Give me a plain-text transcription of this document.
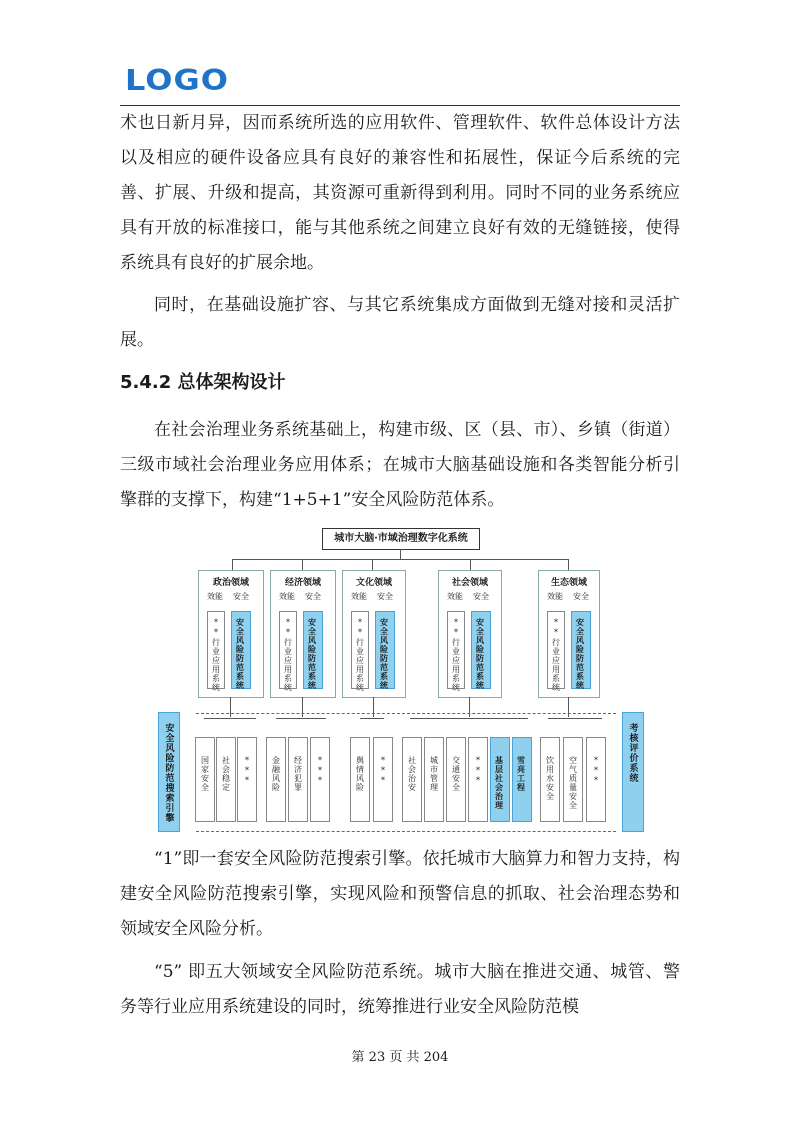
LOGO

术也日新月异，因而系统所选的应用软件、管理软件、软件总体设计方法以及相应的硬件设备应具有良好的兼容性和拓展性，保证今后系统的完善、扩展、升级和提高，其资源可重新得到利用。同时不同的业务系统应具有开放的标准接口，能与其他系统之间建立良好有效的无缝链接，使得系统具有良好的扩展余地。

同时，在基础设施扩容、与其它系统集成方面做到无缝对接和灵活扩展。

5.4.2 总体架构设计

在社会治理业务系统基础上，构建市级、区（县、市）、乡镇（街道）三级市域社会治理业务应用体系；在城市大脑基础设施和各类智能分析引擎群的支撑下，构建“1+5+1”安全风险防范体系。

城市大脑·市域治理数字化系统
政治领域
效能 安全
**行业应用系统 安全风险防范系统
经济领域
效能 安全
**行业应用系统 安全风险防范系统
文化领域
效能 安全
**行业应用系统 安全风险防范系统
社会领域
效能 安全
**行业应用系统 安全风险防范系统
生态领域
效能 安全
**行业应用系统 安全风险防范系统
安全风险防范搜索引擎	考核评价系统
国家安全 社会稳定 ***	金融风险 经济犯罪 ***	舆情风险 ***	社会治安 城市管理 交通安全 *** 基层社会治理 雪亮工程 饮用水安全 空气质量安全 ***

“1”即一套安全风险防范搜索引擎。依托城市大脑算力和智力支持，构建安全风险防范搜索引擎，实现风险和预警信息的抓取、社会治理态势和领域安全风险分析。

“5” 即五大领域安全风险防范系统。城市大脑在推进交通、城管、警务等行业应用系统建设的同时，统筹推进行业安全风险防范模

第 23 页 共 204
